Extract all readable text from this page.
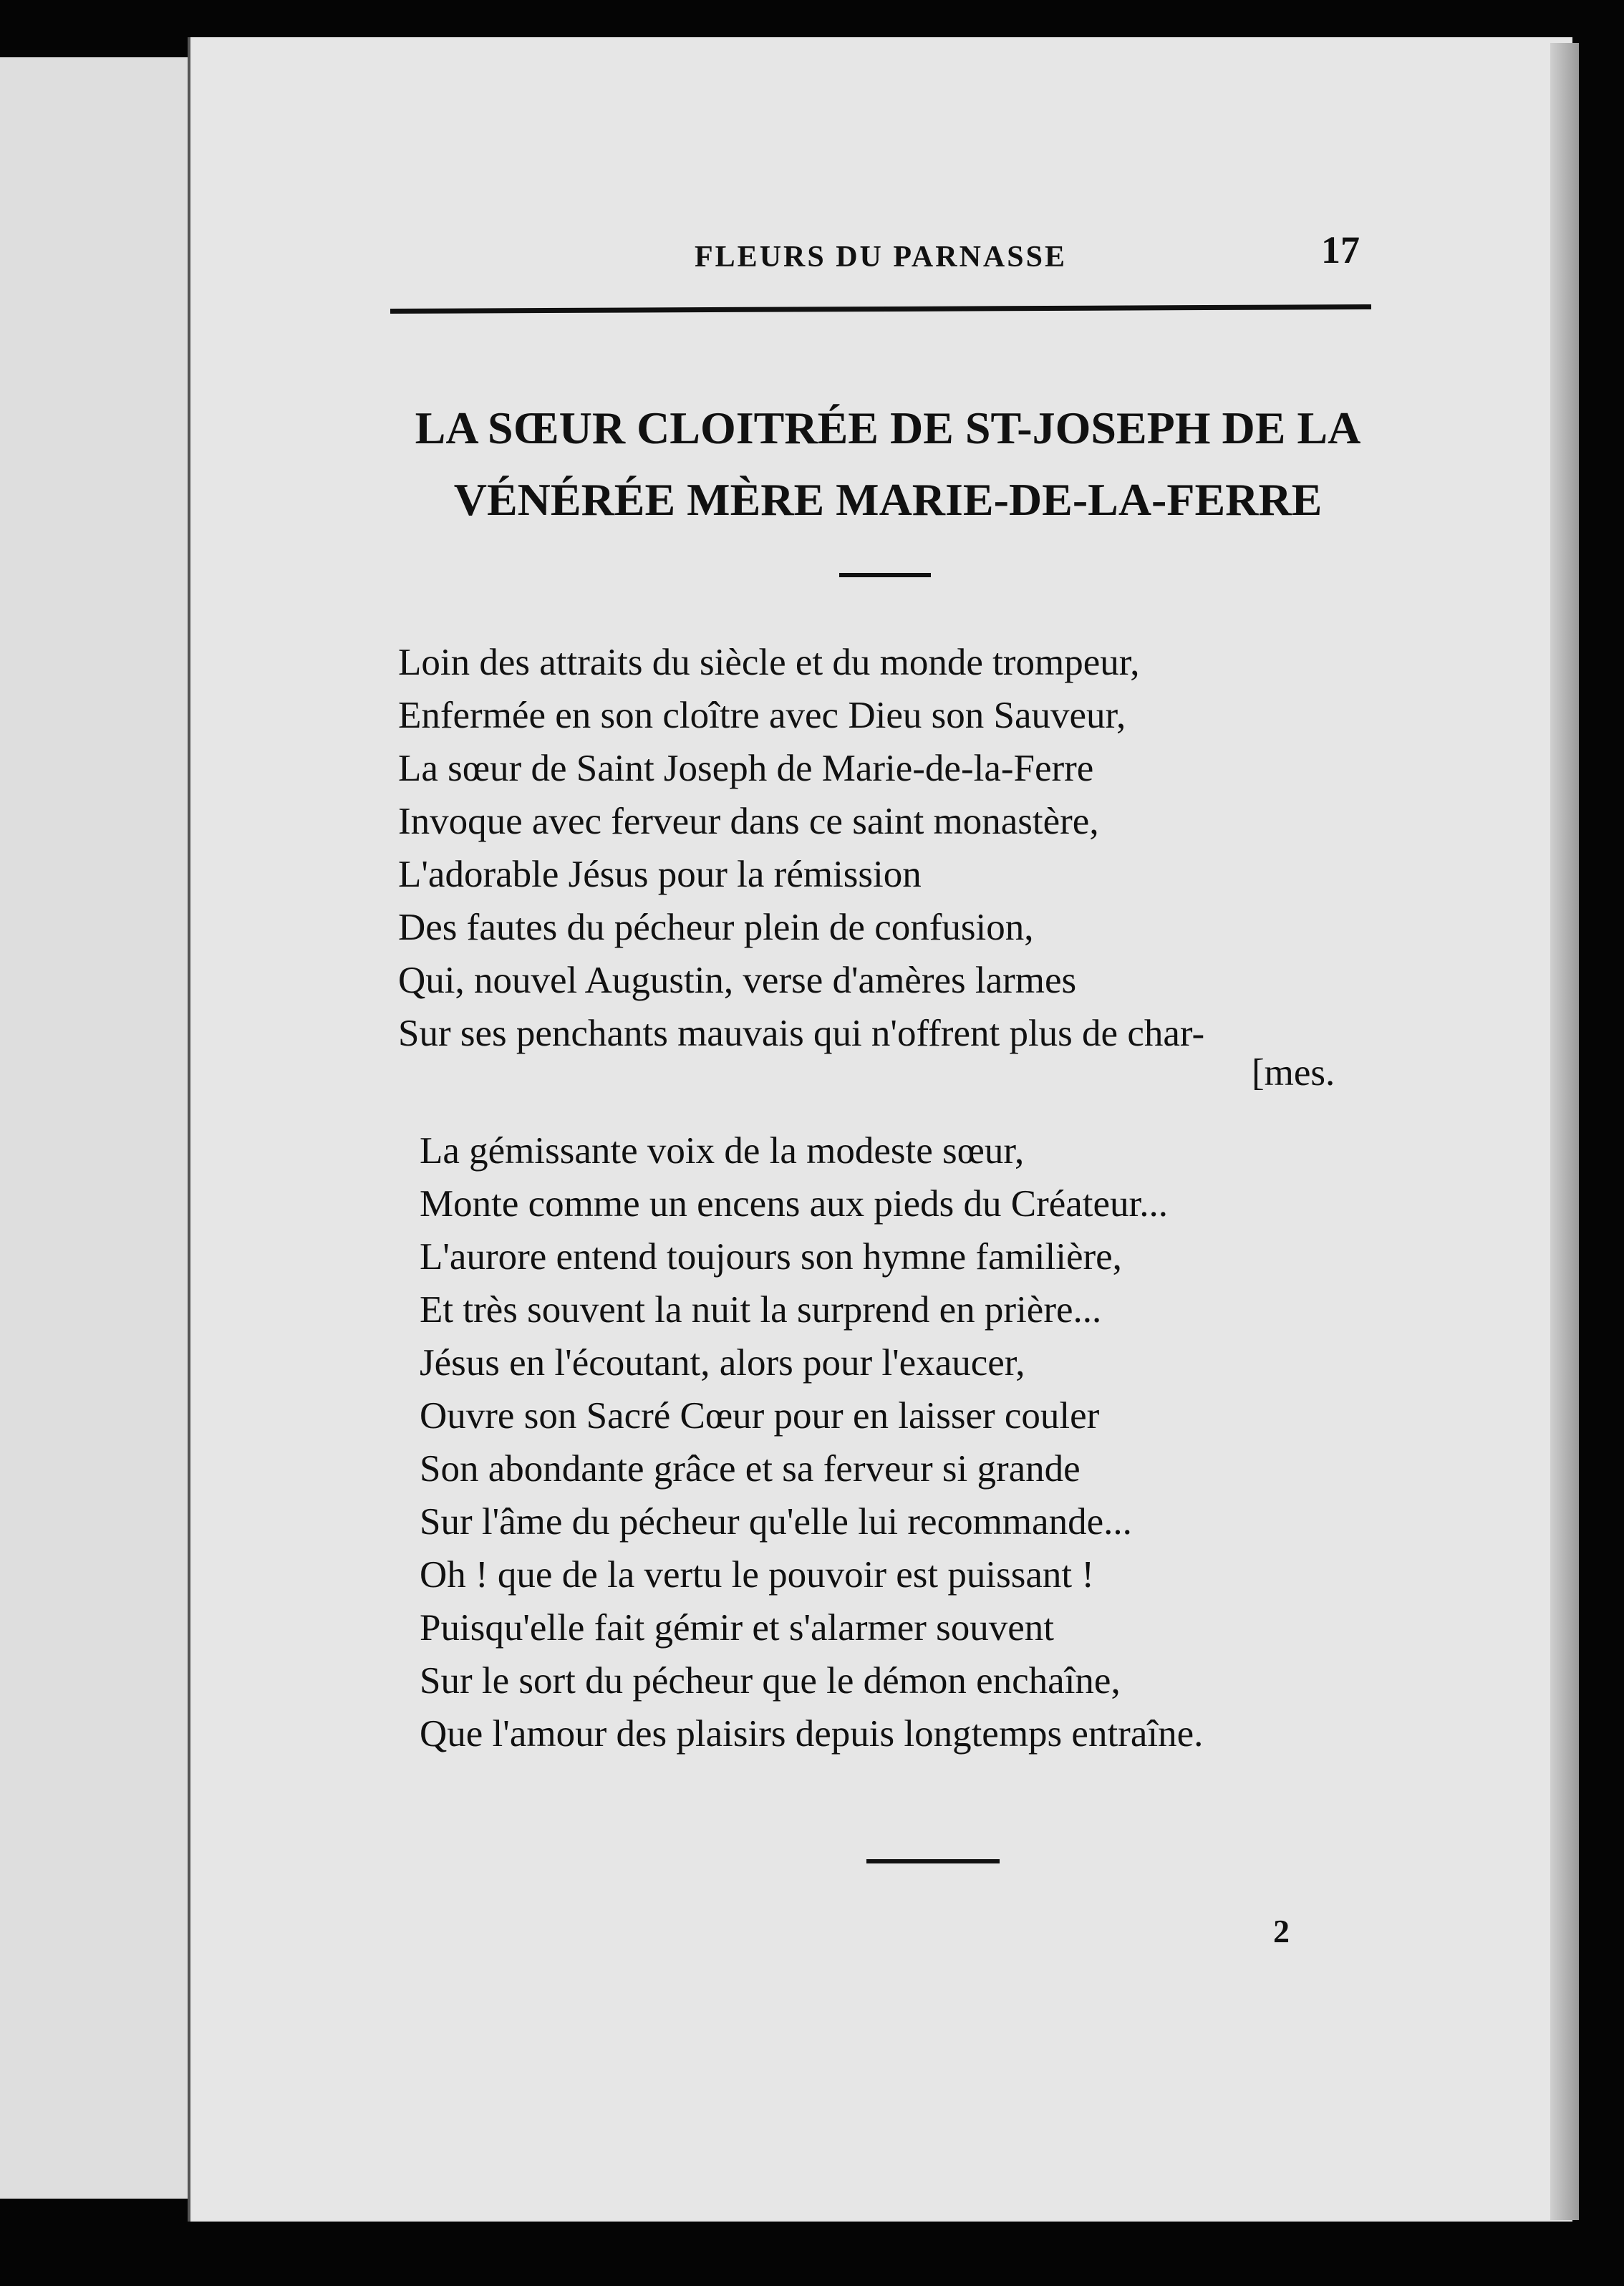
FLEURS DU PARNASSE	17
LA SŒUR CLOITRÉE DE ST-JOSEPH DE LA
VÉNÉRÉE MÈRE MARIE-DE-LA-FERRE
Loin des attraits du siècle et du monde trompeur,
Enfermée en son cloître avec Dieu son Sauveur,
La sœur de Saint Joseph de Marie-de-la-Ferre
Invoque avec ferveur dans ce saint monastère,
L'adorable Jésus pour la rémission
Des fautes du pécheur plein de confusion,
Qui, nouvel Augustin, verse d'amères larmes
Sur ses penchants mauvais qui n'offrent plus de char-
[mes.
La gémissante voix de la modeste sœur,
Monte comme un encens aux pieds du Créateur...
L'aurore entend toujours son hymne familière,
Et très souvent la nuit la surprend en prière...
Jésus en l'écoutant, alors pour l'exaucer,
Ouvre son Sacré Cœur pour en laisser couler
Son abondante grâce et sa ferveur si grande
Sur l'âme du pécheur qu'elle lui recommande...
Oh ! que de la vertu le pouvoir est puissant !
Puisqu'elle fait gémir et s'alarmer souvent
Sur le sort du pécheur que le démon enchaîne,
Que l'amour des plaisirs depuis longtemps entraîne.
2
